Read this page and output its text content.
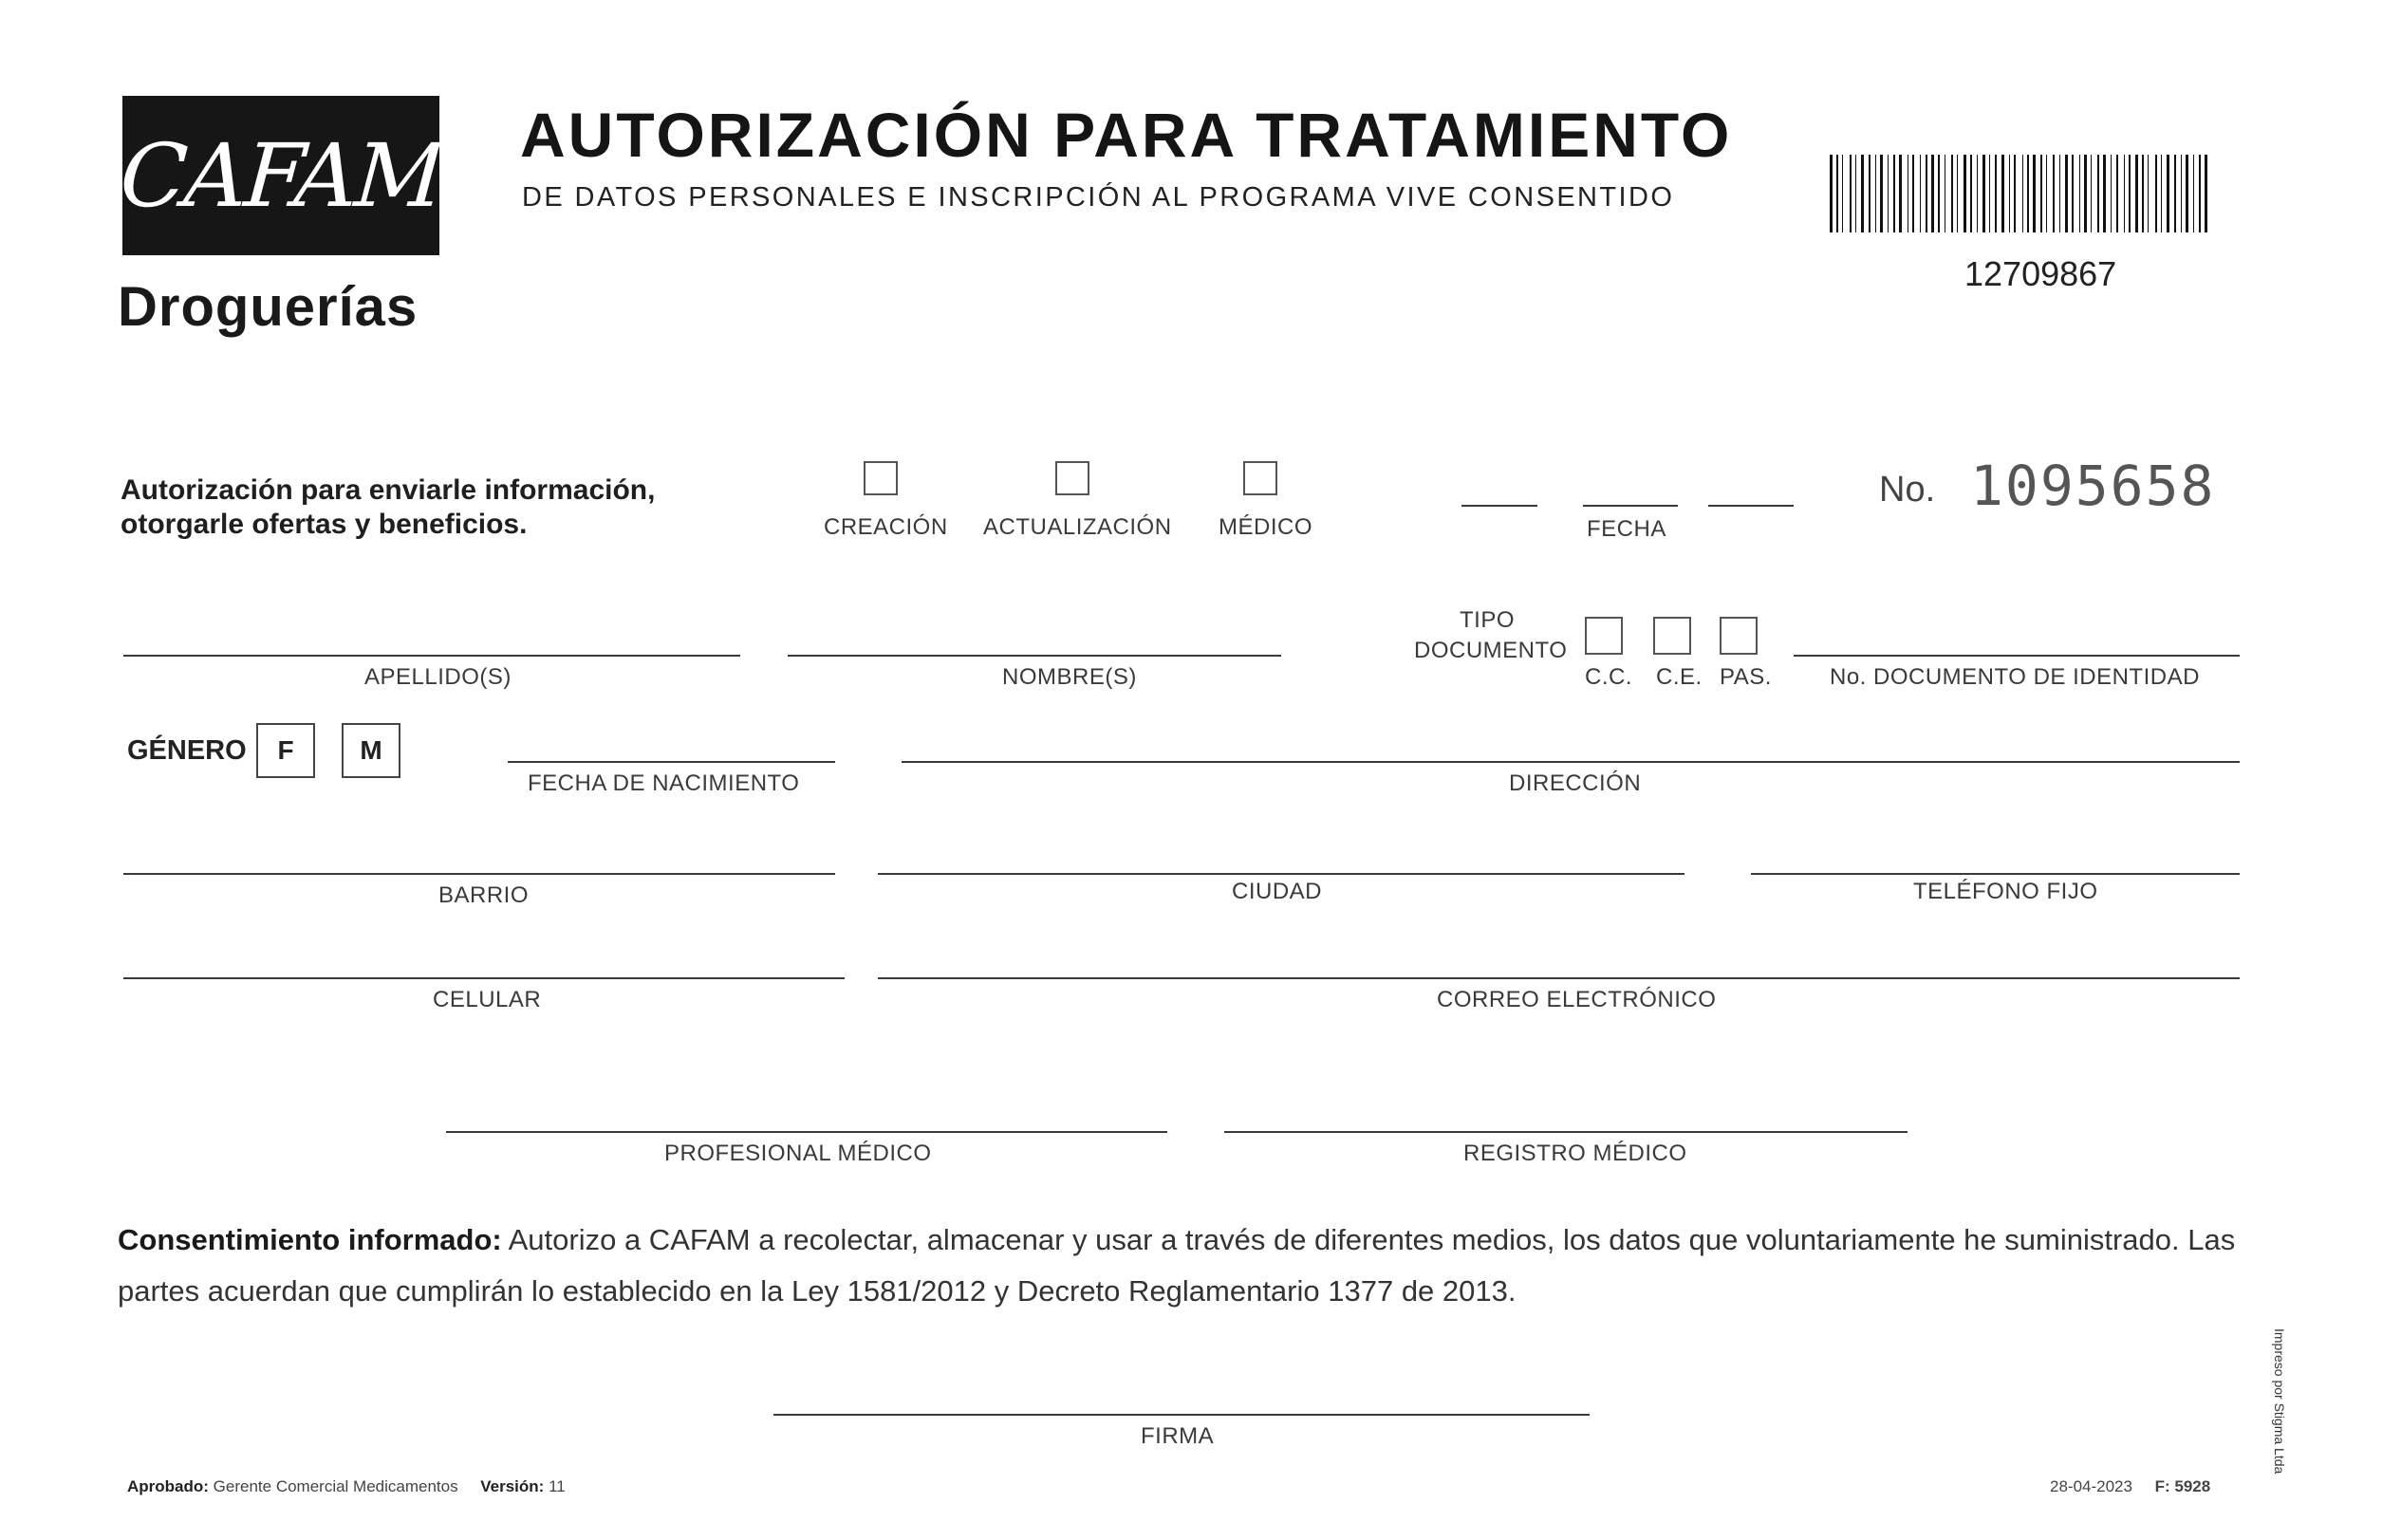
CAFAM
Droguerías
AUTORIZACIÓN PARA TRATAMIENTO
DE DATOS PERSONALES E INSCRIPCIÓN AL PROGRAMA VIVE CONSENTIDO
12709867
Autorización para enviarle información,
otorgarle ofertas y beneficios.	CREACIÓN ACTUALIZACIÓN MÉDICO	FECHA
No. 1095658
APELLIDO(S)	NOMBRE(S)
TIPO
DOCUMENTO
C.C. C.E. PAS.	No. DOCUMENTO DE IDENTIDAD
GÉNERO F M
FECHA DE NACIMIENTO	DIRECCIÓN
BARRIO	CIUDAD	TELÉFONO FIJO
CELULAR	CORREO ELECTRÓNICO
PROFESIONAL MÉDICO	REGISTRO MÉDICO
Consentimiento informado: Autorizo a CAFAM a recolectar, almacenar y usar a través de diferentes medios, los datos que voluntariamente he suministrado. Las partes acuerdan que cumplirán lo establecido en la Ley 1581/2012 y Decreto Reglamentario 1377 de 2013.
FIRMA
Aprobado: Gerente Comercial Medicamentos Versión: 11	28-04-2023 F: 5928
Impreso por Stigma Ltda
